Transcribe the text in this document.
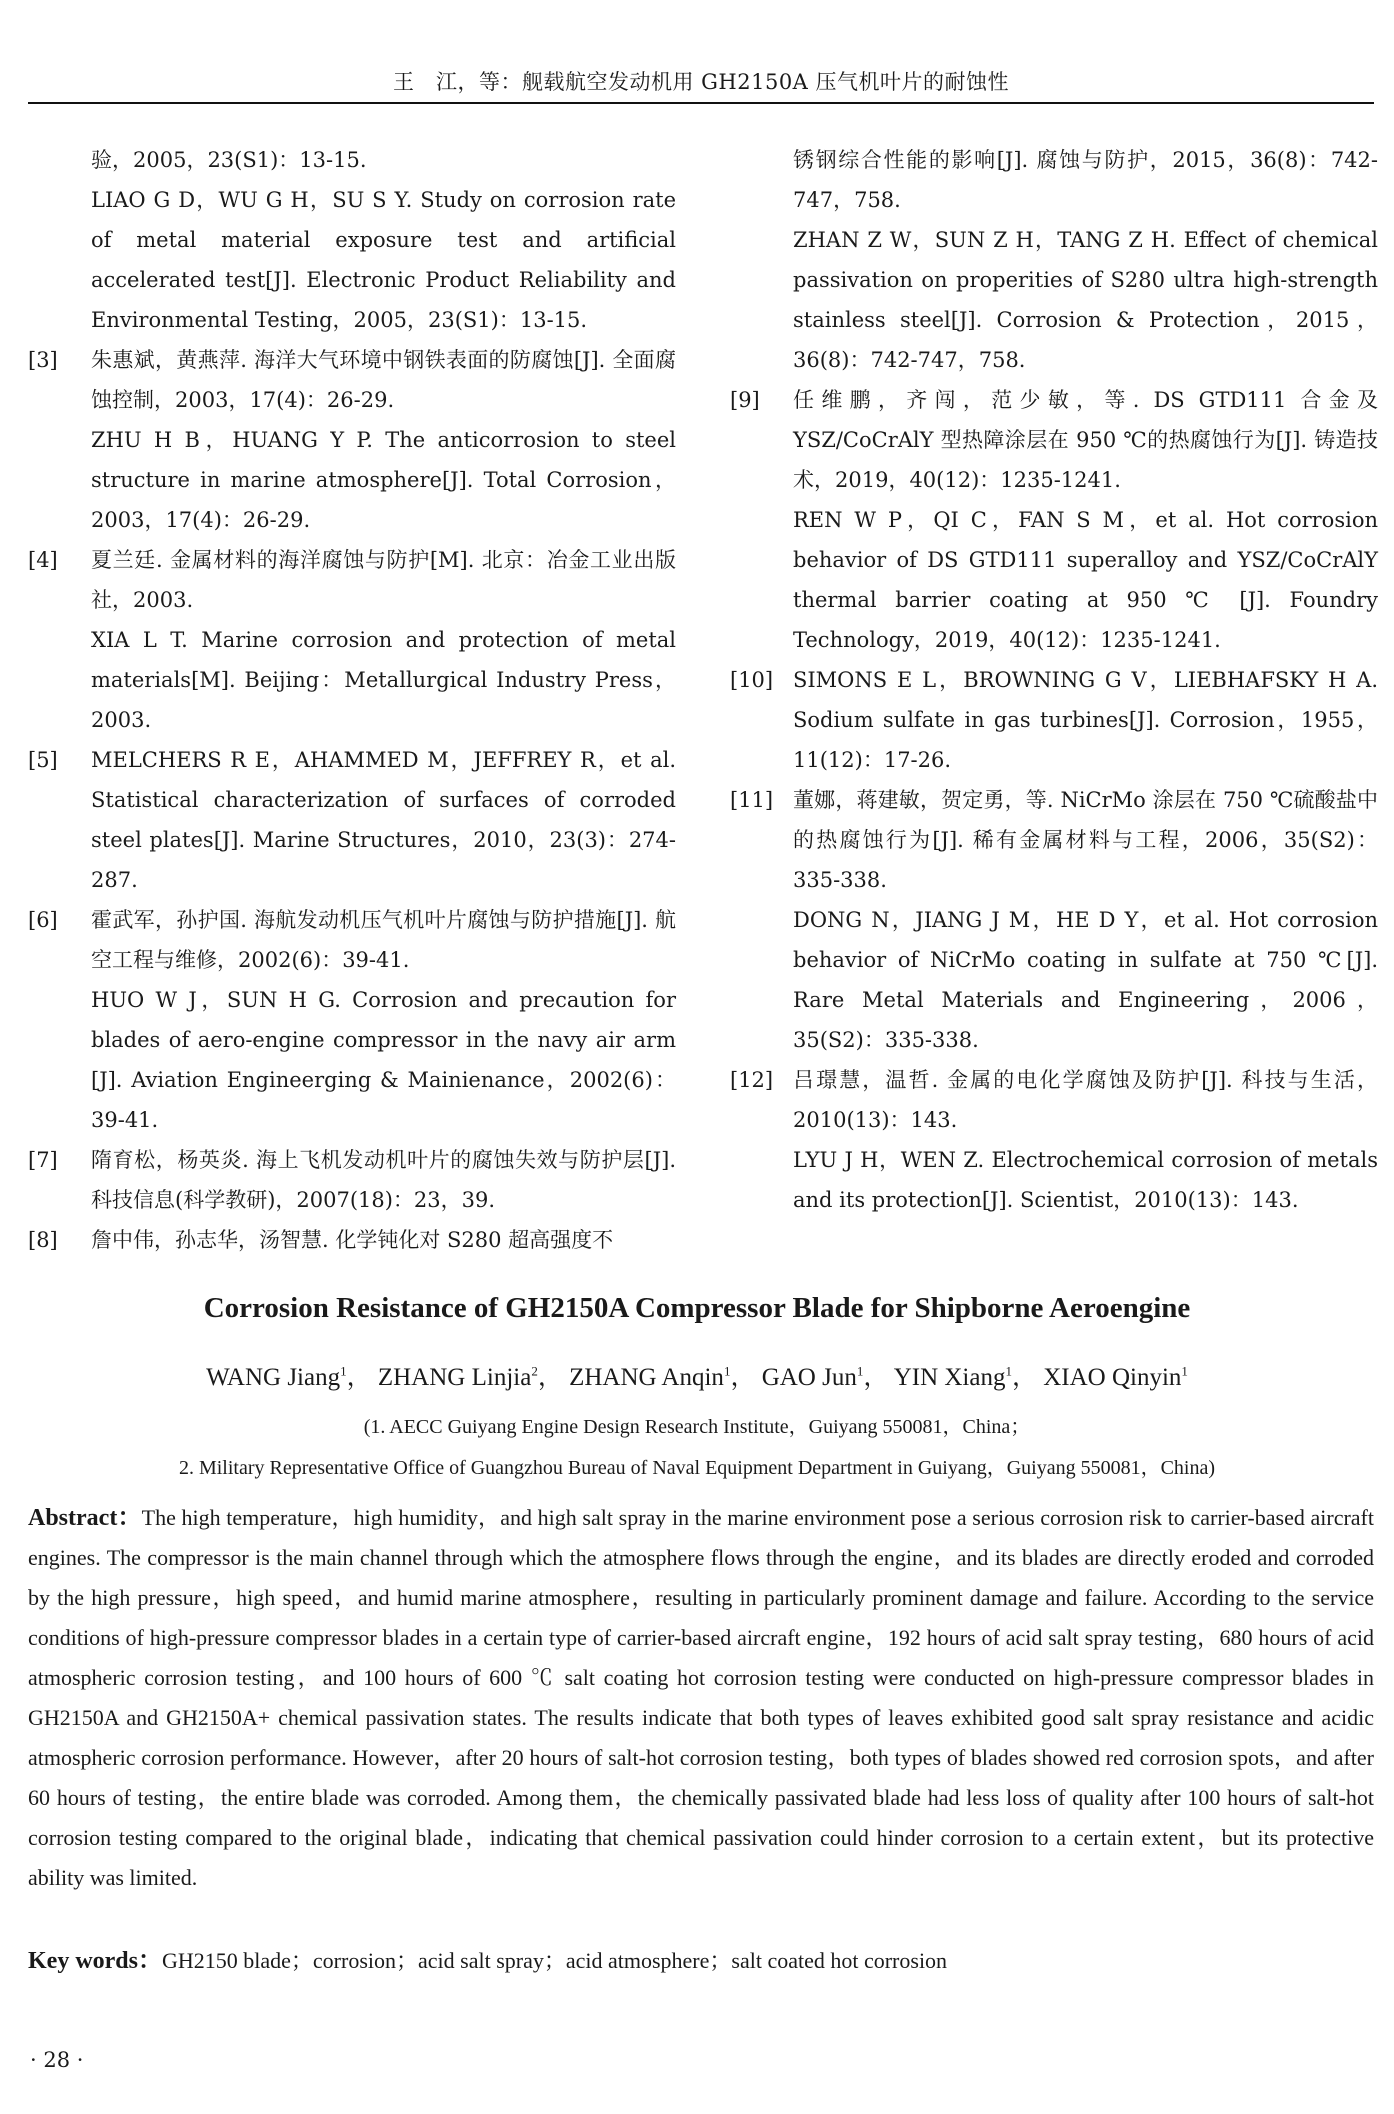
王　江，等：舰载航空发动机用 GH2150A 压气机叶片的耐蚀性

验，2005，23(S1)：13-15.

LIAO G D，WU G H，SU S Y. Study on corrosion rate of metal material exposure test and artificial accelerated test[J]. Electronic Product Reliability and Environmental Testing，2005，23(S1)：13-15.

[3]	朱惠斌，黄燕萍. 海洋大气环境中钢铁表面的防腐蚀[J]. 全面腐蚀控制，2003，17(4)：26-29.

ZHU H B，HUANG Y P. The anticorrosion to steel structure in marine atmosphere[J]. Total Corrosion，2003，17(4)：26-29.

[4]	夏兰廷. 金属材料的海洋腐蚀与防护[M]. 北京：冶金工业出版社，2003.

XIA L T. Marine corrosion and protection of metal materials[M]. Beijing：Metallurgical Industry Press，2003.

[5]	MELCHERS R E，AHAMMED M，JEFFREY R，et al. Statistical characterization of surfaces of corroded steel plates[J]. Marine Structures，2010，23(3)：274-287.

[6]	霍武军，孙护国. 海航发动机压气机叶片腐蚀与防护措施[J]. 航空工程与维修，2002(6)：39-41.

HUO W J，SUN H G. Corrosion and precaution for blades of aero-engine compressor in the navy air arm [J]. Aviation Engineerging & Mainienance，2002(6)：39-41.

[7]	隋育松，杨英炎. 海上飞机发动机叶片的腐蚀失效与防护层[J]. 科技信息(科学教研)，2007(18)：23，39.

[8]	詹中伟，孙志华，汤智慧. 化学钝化对 S280 超高强度不

锈钢综合性能的影响[J]. 腐蚀与防护，2015，36(8)：742-747，758.

ZHAN Z W，SUN Z H，TANG Z H. Effect of chemical passivation on properities of S280 ultra high-strength stainless steel[J]. Corrosion & Protection，2015，36(8)：742-747，758.

[9]	任维鹏，齐闯，范少敏，等. DS GTD111 合金及 YSZ/CoCrAlY 型热障涂层在 950 ℃的热腐蚀行为[J]. 铸造技术，2019，40(12)：1235-1241.

REN W P，QI C，FAN S M，et al. Hot corrosion behavior of DS GTD111 superalloy and YSZ/CoCrAlY thermal barrier coating at 950 ℃ [J]. Foundry Technology，2019，40(12)：1235-1241.

[10] SIMONS E L，BROWNING G V，LIEBHAFSKY H A. Sodium sulfate in gas turbines[J]. Corrosion，1955，11(12)：17-26.

[11] 董娜，蒋建敏，贺定勇，等. NiCrMo 涂层在 750 ℃硫酸盐中的热腐蚀行为[J]. 稀有金属材料与工程，2006，35(S2)：335-338.

DONG N，JIANG J M，HE D Y，et al. Hot corrosion behavior of NiCrMo coating in sulfate at 750 ℃[J]. Rare Metal Materials and Engineering，2006，35(S2)：335-338.

[12] 吕璟慧，温哲. 金属的电化学腐蚀及防护[J]. 科技与生活，2010(13)：143.

LYU J H，WEN Z. Electrochemical corrosion of metals and its protection[J]. Scientist，2010(13)：143.

Corrosion Resistance of GH2150A Compressor Blade for Shipborne Aeroengine
WANG Jiang$^1$， ZHANG Linjia$^2$， ZHANG Anqin$^1$， GAO Jun$^1$， YIN Xiang$^1$， XIAO Qinyin$^1$
(1. AECC Guiyang Engine Design Research Institute，Guiyang 550081，China；
2. Military Representative Office of Guangzhou Bureau of Naval Equipment Department in Guiyang，Guiyang 550081，China)
Abstract：The high temperature，high humidity，and high salt spray in the marine environment pose a serious corrosion risk to carrier-based aircraft engines. The compressor is the main channel through which the atmosphere flows through the engine，and its blades are directly eroded and corroded by the high pressure，high speed，and humid marine atmosphere，resulting in particularly prominent damage and failure. According to the service conditions of high-pressure compressor blades in a certain type of carrier-based aircraft engine，192 hours of acid salt spray testing，680 hours of acid atmospheric corrosion testing，and 100 hours of 600 ℃ salt coating hot corrosion testing were conducted on high-pressure compressor blades in GH2150A and GH2150A+ chemical passivation states. The results indicate that both types of leaves exhibited good salt spray resistance and acidic atmospheric corrosion performance. However，after 20 hours of salt-hot corrosion testing，both types of blades showed red corrosion spots，and after 60 hours of testing，the entire blade was corroded. Among them，the chemically passivated blade had less loss of quality after 100 hours of salt-hot corrosion testing compared to the original blade，indicating that chemical passivation could hinder corrosion to a certain extent，but its protective ability was limited.
Key words：GH2150 blade；corrosion；acid salt spray；acid atmosphere；salt coated hot corrosion
· 28 ·
